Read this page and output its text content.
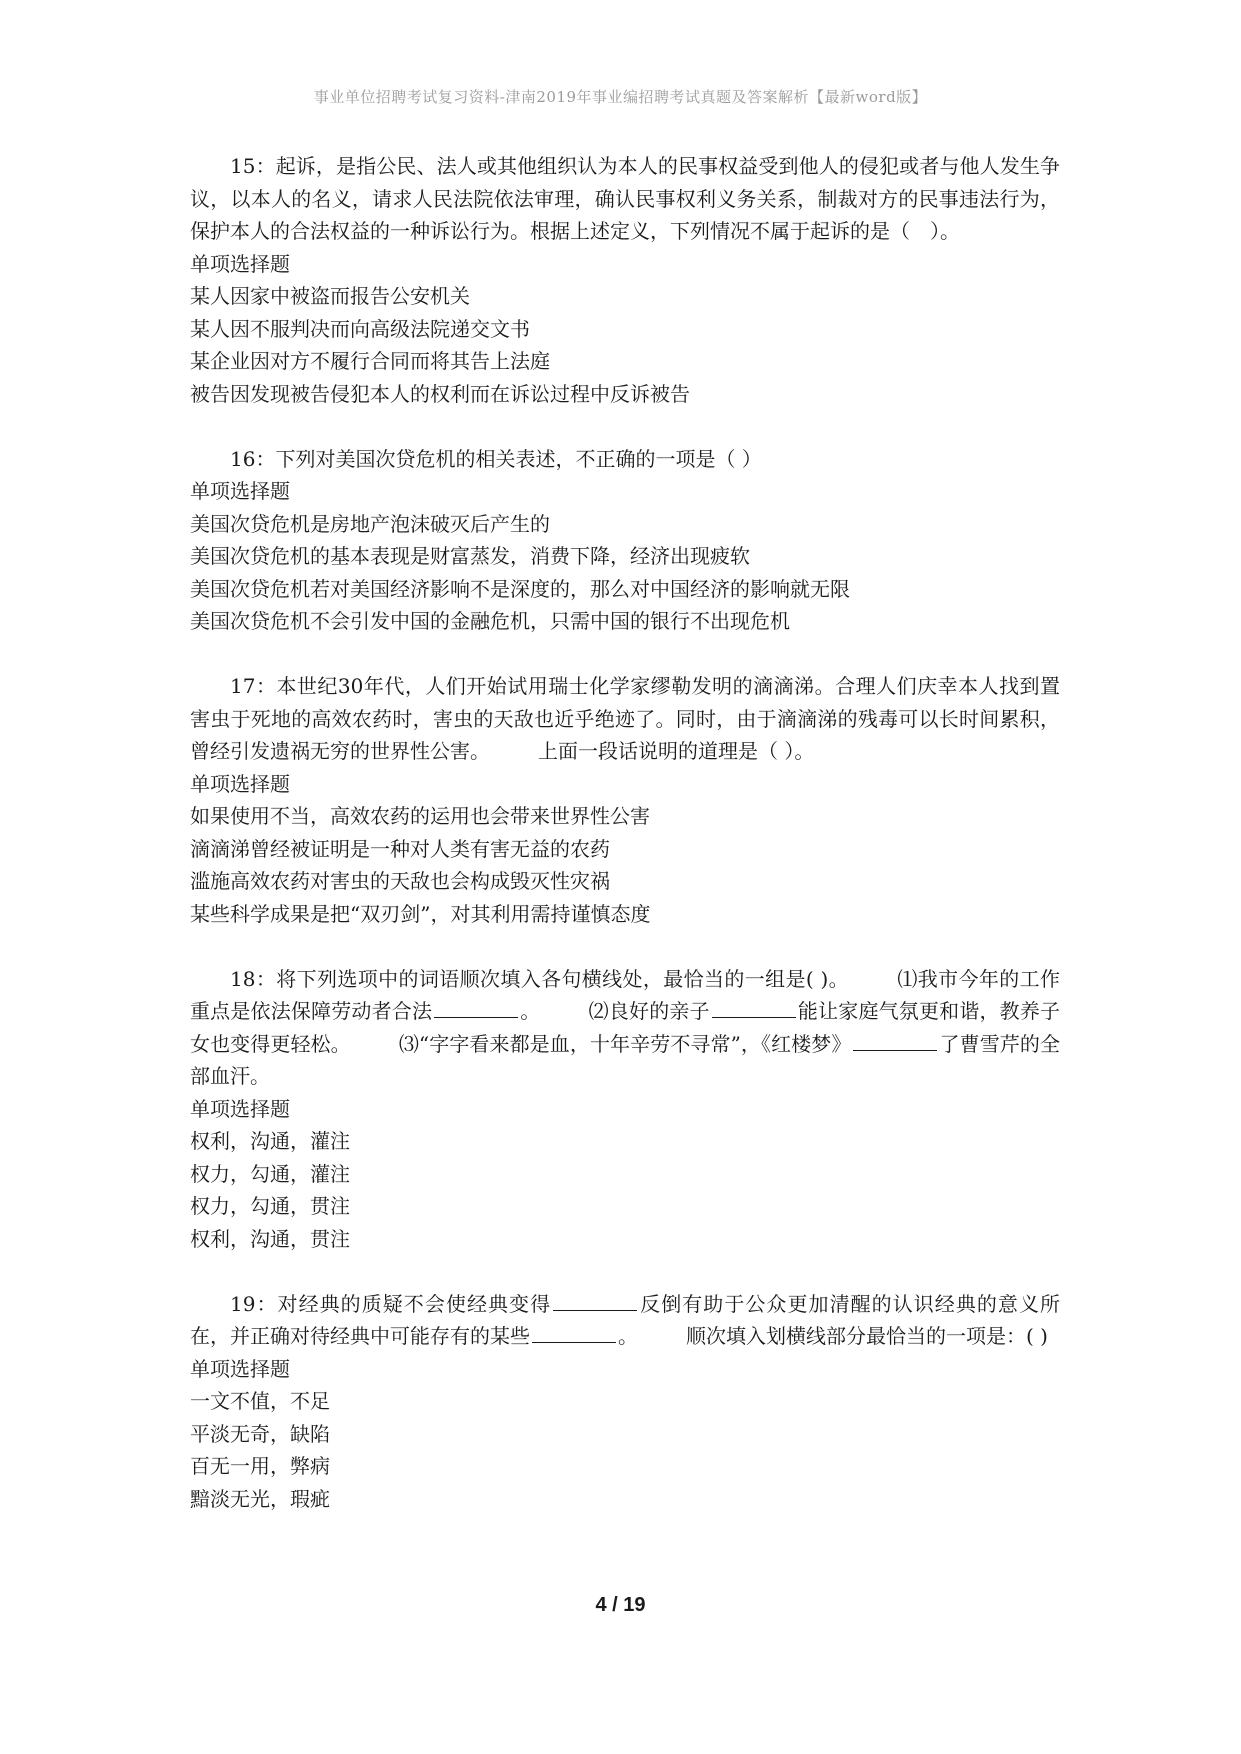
事业单位招聘考试复习资料-津南2019年事业编招聘考试真题及答案解析【最新word版】
15：起诉，是指公民、法人或其他组织认为本人的民事权益受到他人的侵犯或者与他人发生争议，以本人的名义，请求人民法院依法审理，确认民事权利义务关系，制裁对方的民事违法行为，保护本人的合法权益的一种诉讼行为。根据上述定义，下列情况不属于起诉的是（　）。
单项选择题
某人因家中被盗而报告公安机关
某人因不服判决而向高级法院递交文书
某企业因对方不履行合同而将其告上法庭
被告因发现被告侵犯本人的权利而在诉讼过程中反诉被告
16：下列对美国次贷危机的相关表述，不正确的一项是（ ）
单项选择题
美国次贷危机是房地产泡沫破灭后产生的
美国次贷危机的基本表现是财富蒸发，消费下降，经济出现疲软
美国次贷危机若对美国经济影响不是深度的，那么对中国经济的影响就无限
美国次贷危机不会引发中国的金融危机，只需中国的银行不出现危机
17：本世纪30年代，人们开始试用瑞士化学家缪勒发明的滴滴涕。合理人们庆幸本人找到置害虫于死地的高效农药时，害虫的天敌也近乎绝迹了。同时，由于滴滴涕的残毒可以长时间累积，曾经引发遗祸无穷的世界性公害。 上面一段话说明的道理是（ ）。
单项选择题
如果使用不当，高效农药的运用也会带来世界性公害
滴滴涕曾经被证明是一种对人类有害无益的农药
滥施高效农药对害虫的天敌也会构成毁灭性灾祸
某些科学成果是把“双刃剑”，对其利用需持谨慎态度
18：将下列选项中的词语顺次填入各句横线处，最恰当的一组是( )。 ⑴我市今年的工作重点是依法保障劳动者合法	。 ⑵良好的亲子	能让家庭气氛更和谐，教养子女也变得更轻松。 ⑶“字字看来都是血，十年辛劳不寻常”，《红楼梦》	了曹雪芹的全部血汗。
单项选择题
权利，沟通，灌注
权力，勾通，灌注
权力，勾通，贯注
权利，沟通，贯注
19：对经典的质疑不会使经典变得	反倒有助于公众更加清醒的认识经典的意义所在，并正确对待经典中可能存有的某些	。 顺次填入划横线部分最恰当的一项是：( )
单项选择题
一文不值，不足
平淡无奇，缺陷
百无一用，弊病
黯淡无光，瑕疵
4 / 19
